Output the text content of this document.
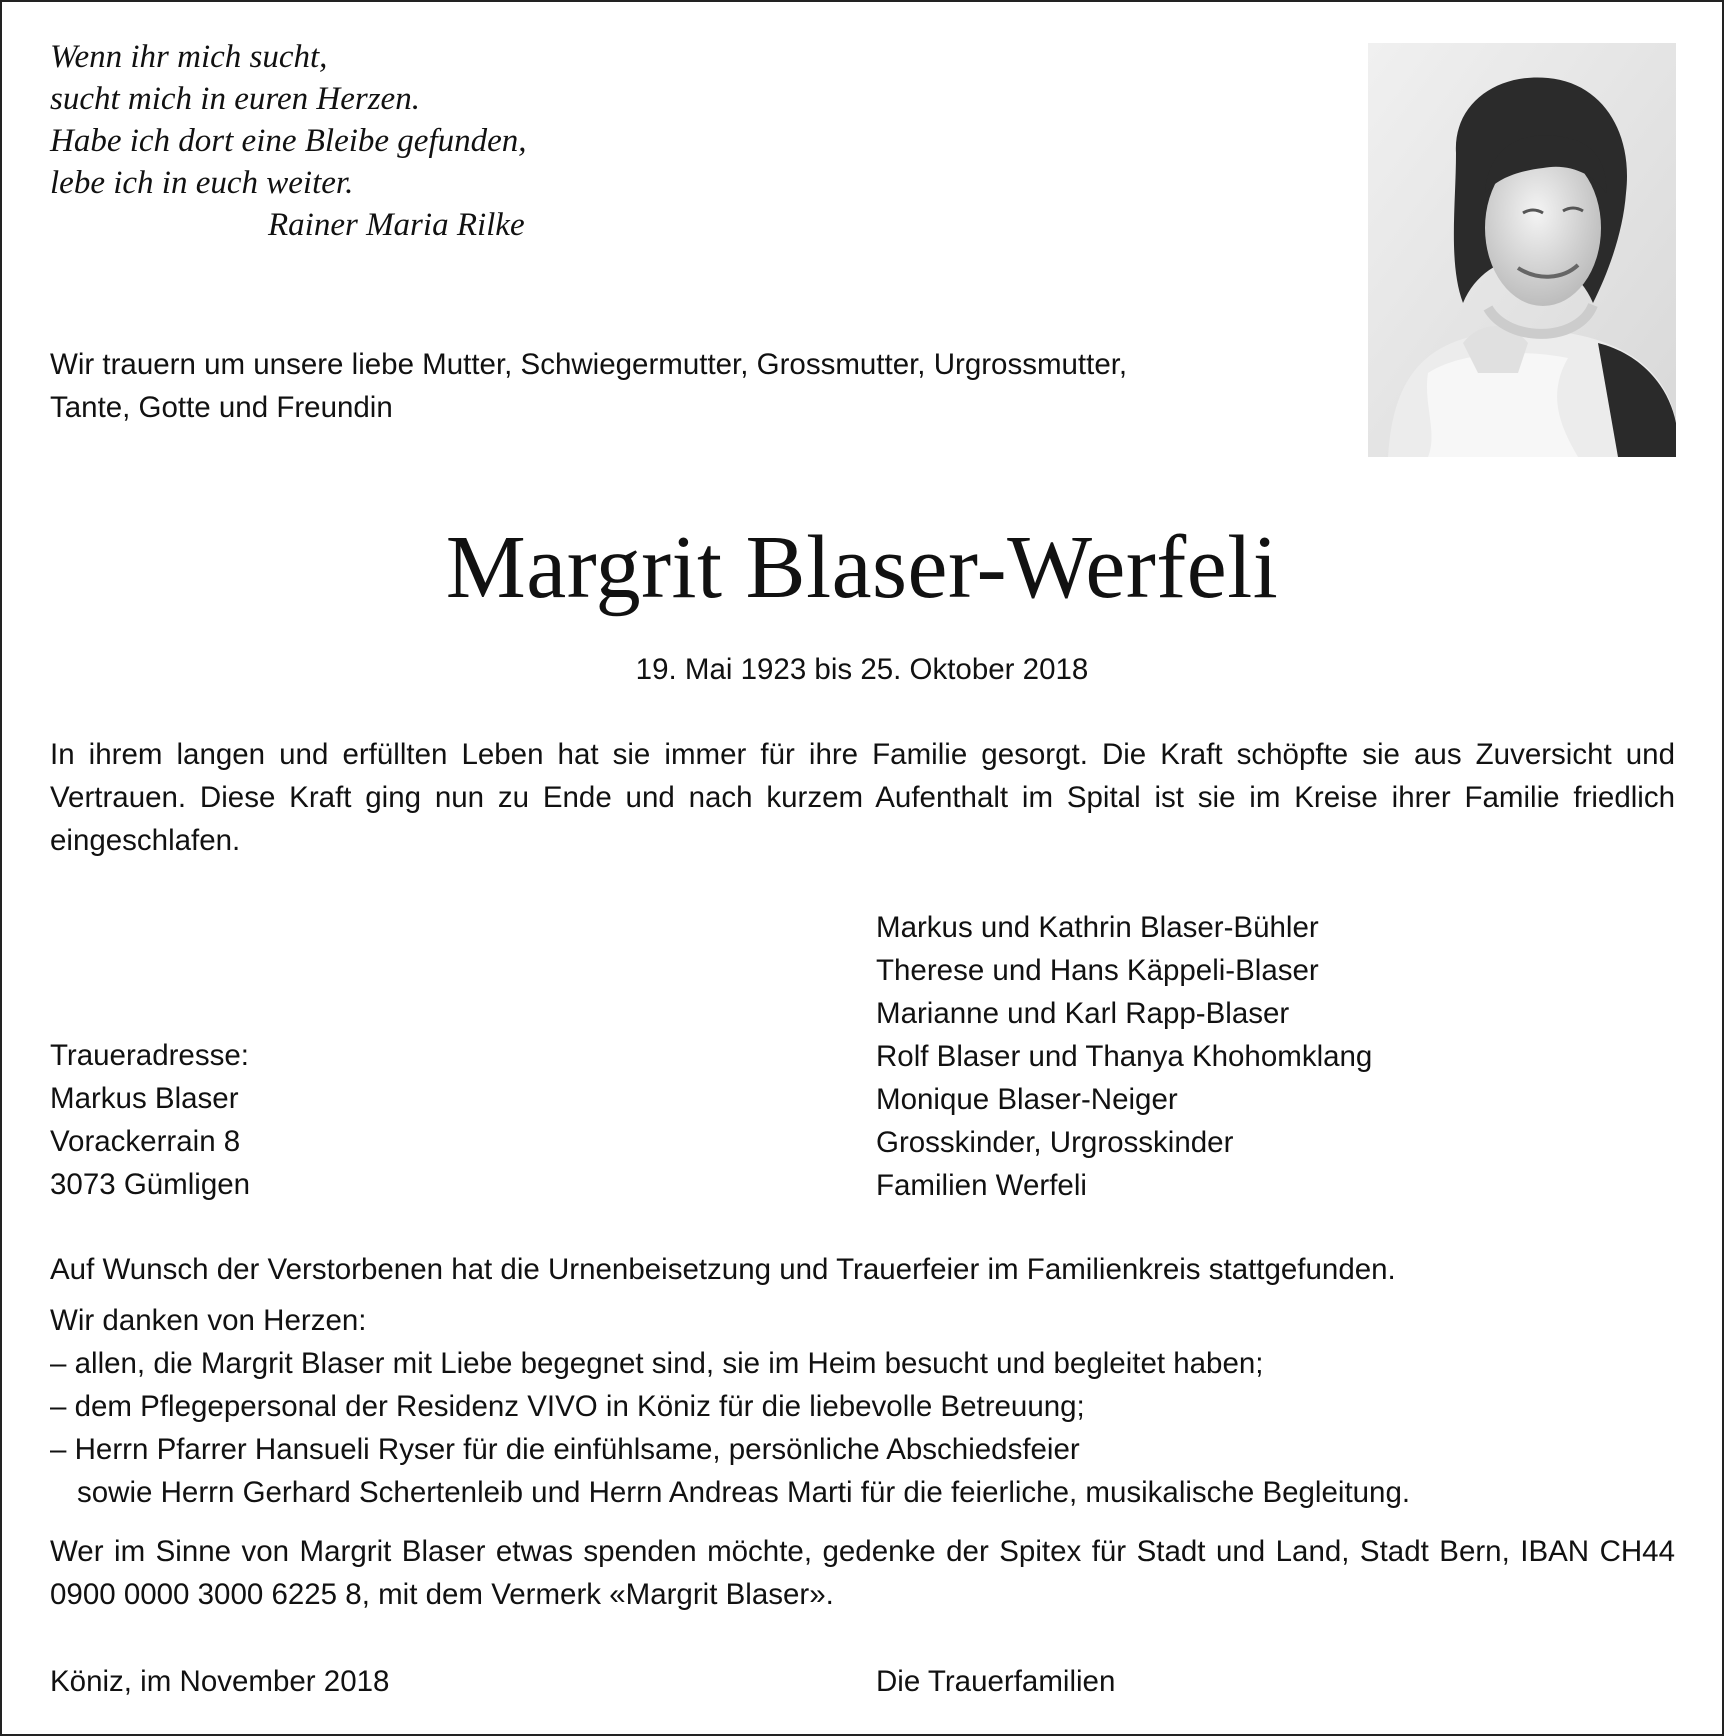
Wenn ihr mich sucht,
sucht mich in euren Herzen.
Habe ich dort eine Bleibe gefunden,
lebe ich in euch weiter.
Rainer Maria Rilke
Wir trauern um unsere liebe Mutter, Schwiegermutter, Grossmutter, Urgrossmutter,
Tante, Gotte und Freundin
Margrit Blaser-Werfeli
19. Mai 1923 bis 25. Oktober 2018

In ihrem langen und erfüllten Leben hat sie immer für ihre Familie gesorgt. Die Kraft schöpfte sie aus Zuversicht und Vertrauen. Diese Kraft ging nun zu Ende und nach kurzem Aufenthalt im Spital ist sie im Kreise ihrer Familie friedlich eingeschlafen.

Traueradresse:
Markus Blaser
Vorackerrain 8
3073 Gümligen
Markus und Kathrin Blaser-Bühler
Therese und Hans Käppeli-Blaser
Marianne und Karl Rapp-Blaser
Rolf Blaser und Thanya Khohomklang
Monique Blaser-Neiger
Grosskinder, Urgrosskinder
Familien Werfeli
Auf Wunsch der Verstorbenen hat die Urnenbeisetzung und Trauerfeier im Familienkreis stattgefunden.
Wir danken von Herzen:
– allen, die Margrit Blaser mit Liebe begegnet sind, sie im Heim besucht und begleitet haben;
– dem Pflegepersonal der Residenz VIVO in Köniz für die liebevolle Betreuung;
– Herrn Pfarrer Hansueli Ryser für die einfühlsame, persönliche Abschiedsfeier
sowie Herrn Gerhard Schertenleib und Herrn Andreas Marti für die feierliche, musikalische Begleitung.

Wer im Sinne von Margrit Blaser etwas spenden möchte, gedenke der Spitex für Stadt und Land, Stadt Bern, IBAN CH44 0900 0000 3000 6225 8, mit dem Vermerk «Margrit Blaser».

Köniz, im November 2018	Die Trauerfamilien
